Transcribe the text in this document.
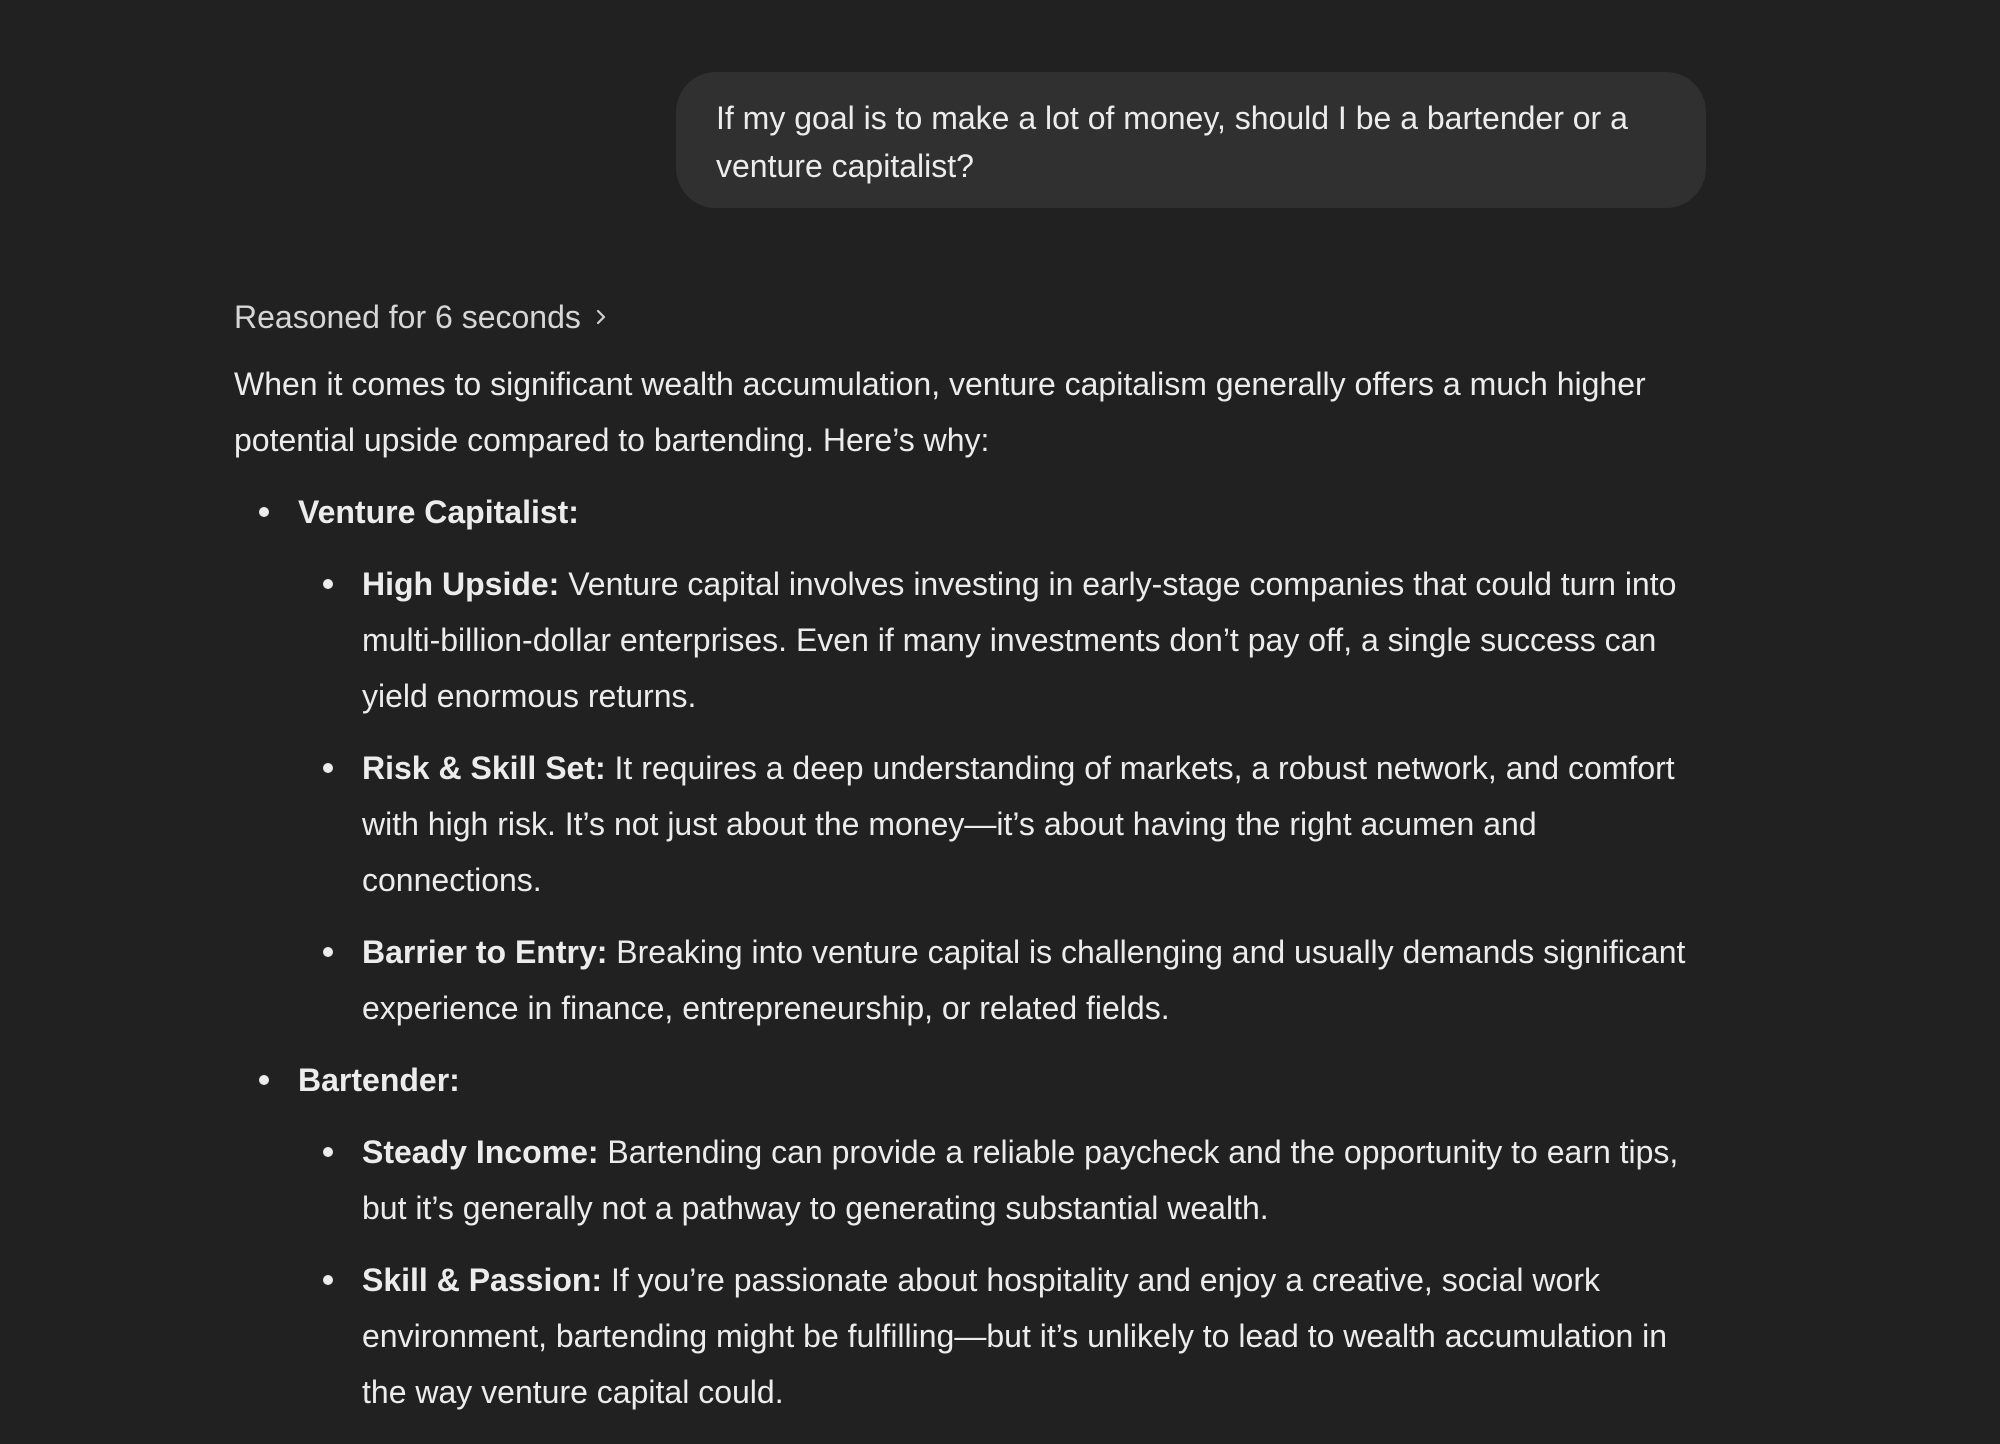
If my goal is to make a lot of money, should I be a bartender or a venture capitalist?
Reasoned for 6 seconds
When it comes to significant wealth accumulation, venture capitalism generally offers a much higher potential upside compared to bartending. Here’s why:
Venture Capitalist:
High Upside: Venture capital involves investing in early-stage companies that could turn into multi-billion-dollar enterprises. Even if many investments don’t pay off, a single success can yield enormous returns.
Risk & Skill Set: It requires a deep understanding of markets, a robust network, and comfort with high risk. It’s not just about the money—it’s about having the right acumen and connections.
Barrier to Entry: Breaking into venture capital is challenging and usually demands significant experience in finance, entrepreneurship, or related fields.
Bartender:
Steady Income: Bartending can provide a reliable paycheck and the opportunity to earn tips, but it’s generally not a pathway to generating substantial wealth.
Skill & Passion: If you’re passionate about hospitality and enjoy a creative, social work environment, bartending might be fulfilling—but it’s unlikely to lead to wealth accumulation in the way venture capital could.
